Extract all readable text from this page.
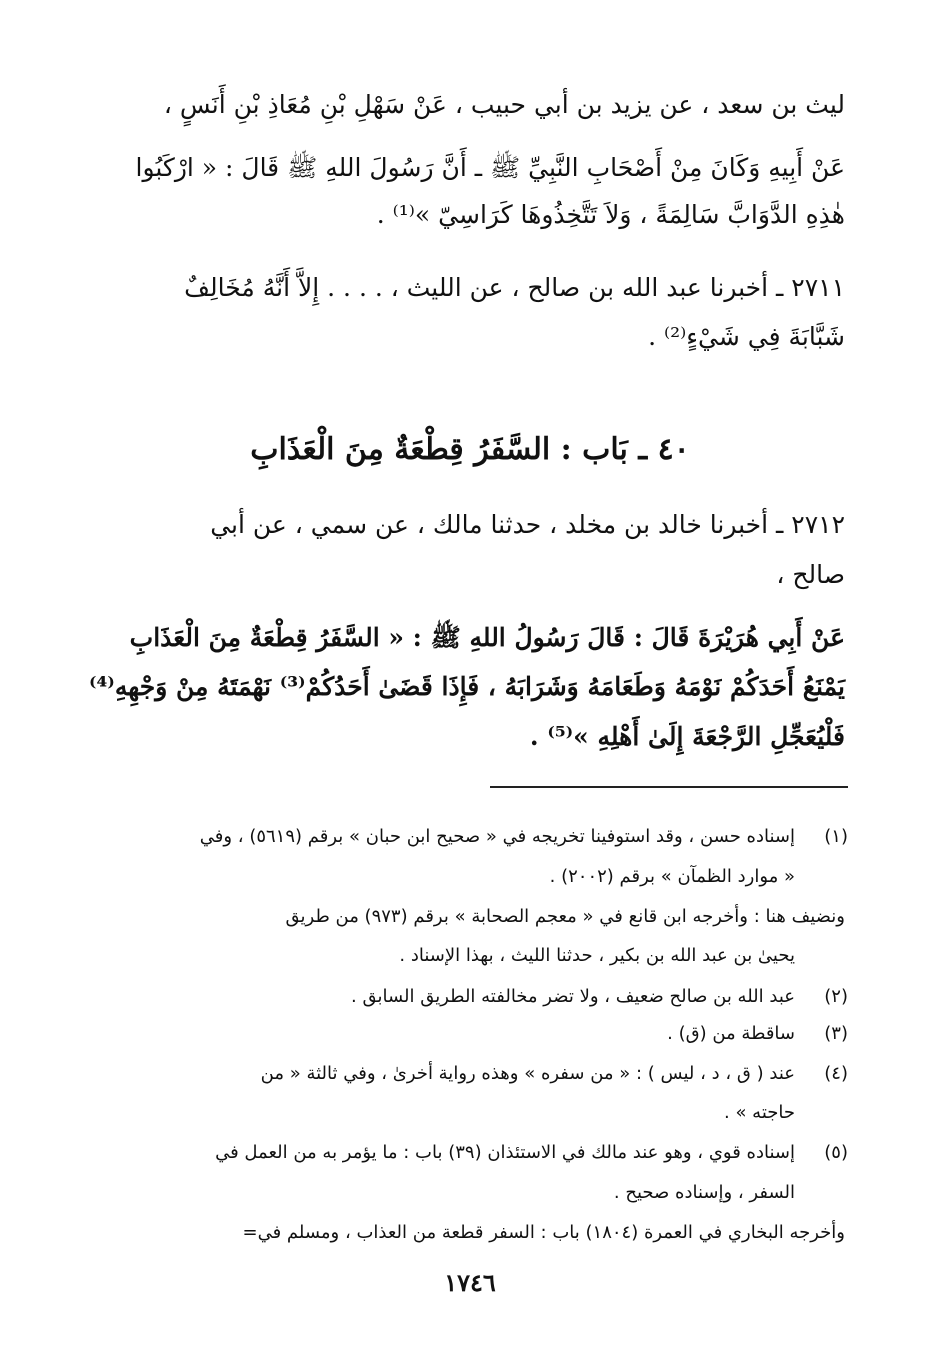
ليث بن سعد ، عن يزيد بن أبي حبيب ، عَنْ سَهْلِ بْنِ مُعَاذِ بْنِ أَنَسٍ ،
عَنْ أَبِيهِ وَكَانَ مِنْ أَصْحَابِ النَّبِيِّ ﷺ ـ أَنَّ رَسُولَ اللهِ ﷺ قَالَ : « ارْكَبُوا
هٰذِهِ الدَّوَابَّ سَالِمَةً ، وَلاَ تَتَّخِذُوهَا كَرَاسِيّ »⁽¹⁾ .
٢٧١١ ـ أخبرنا عبد الله بن صالح ، عن الليث ، . . . . إِلاَّ أَنَّهُ مُخَالِفٌ
شَبَّابَةَ فِي شَيْءٍ⁽²⁾ .
٤٠ ـ بَاب : السَّفَرُ قِطْعَةٌ مِنَ الْعَذَابِ
٢٧١٢ ـ أخبرنا خالد بن مخلد ، حدثنا مالك ، عن سمي ، عن أبي
صالح ،
عَنْ أَبِي هُرَيْرَةَ قَالَ : قَالَ رَسُولُ اللهِ ﷺ : « السَّفَرُ قِطْعَةٌ مِنَ الْعَذَابِ
يَمْنَعُ أَحَدَكُمْ نَوْمَهُ وَطَعَامَهُ وَشَرَابَهُ ، فَإِذَا قَضَىٰ أَحَدُكُمْ⁽³⁾ نَهْمَتَهُ مِنْ وَجْهِهِ⁽⁴⁾
فَلْيُعَجِّلِ الرَّجْعَةَ إِلَىٰ أَهْلِهِ »⁽⁵⁾ .
(١)
إسناده حسن ، وقد استوفينا تخريجه في « صحيح ابن حبان » برقم (٥٦١٩) ، وفي
« موارد الظمآن » برقم (٢٠٠٢) .
ونضيف هنا : وأخرجه ابن قانع في « معجم الصحابة » برقم (٩٧٣) من طريق
يحيىٰ بن عبد الله بن بكير ، حدثنا الليث ، بهذا الإسناد .
(٢)
عبد الله بن صالح ضعيف ، ولا تضر مخالفته الطريق السابق .
(٣)
ساقطة من (ق) .
(٤)
عند ( ق ، د ، ليس ) : « من سفره » وهذه رواية أخرىٰ ، وفي ثالثة « من
حاجته » .
(٥)
إسناده قوي ، وهو عند مالك في الاستئذان (٣٩) باب : ما يؤمر به من العمل في
السفر ، وإسناده صحيح .
وأخرجه البخاري في العمرة (١٨٠٤) باب : السفر قطعة من العذاب ، ومسلم في=
١٧٤٦
